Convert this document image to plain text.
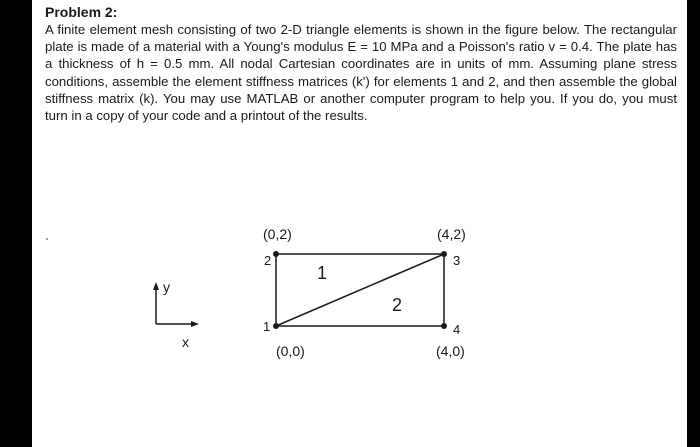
Problem 2:

A finite element mesh consisting of two 2-D triangle elements is shown in the figure below. The rectangular plate is made of a material with a Young's modulus E = 10 MPa and a Poisson's ratio v = 0.4. The plate has a thickness of h = 0.5 mm. All nodal Cartesian coordinates are in units of mm. Assuming plane stress conditions, assemble the element stiffness matrices (k') for elements 1 and 2, and then assemble the global stiffness matrix (k). You may use MATLAB or another computer program to help you. If you do, you must turn in a copy of your code and a printout of the results.

y
x
1
2	3
4
(0,0)
(0,2)	(4,2)
(4,0)
1
2
